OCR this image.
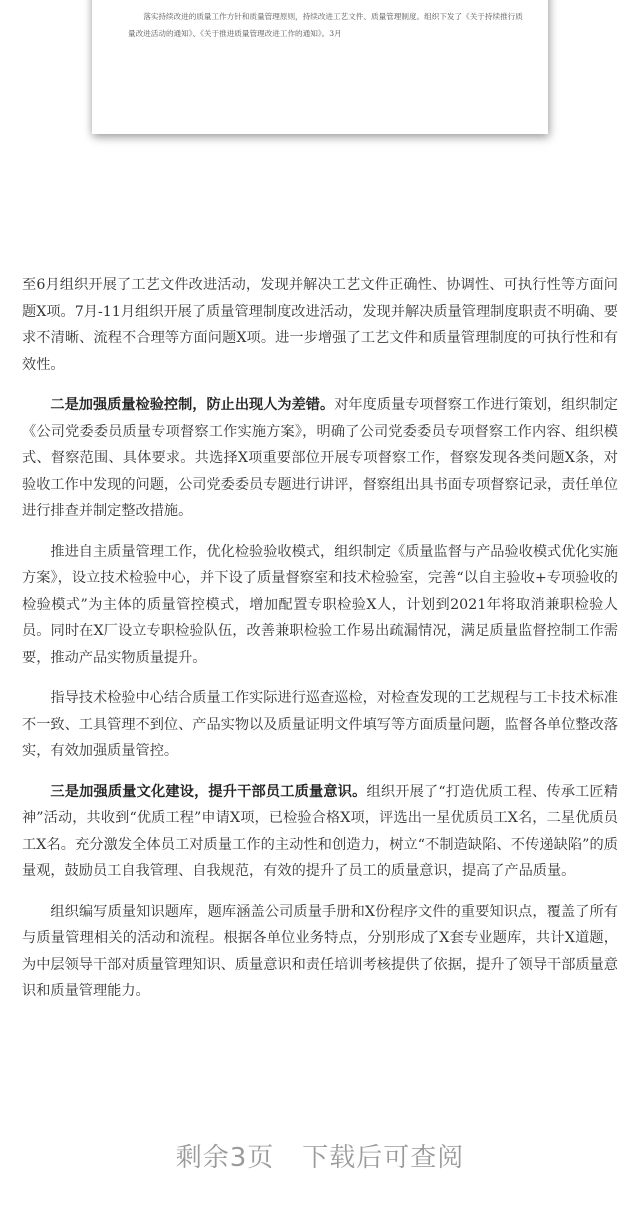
落实持续改进的质量工作方针和质量管理原则，持续改进工艺文件、质量管理制度。组织下发了《关于持续推行质量改进活动的通知》、《关于推进质量管理改进工作的通知》。3月

至6月组织开展了工艺文件改进活动，发现并解决工艺文件正确性、协调性、可执行性等方面问题X项。7月-11月组织开展了质量管理制度改进活动，发现并解决质量管理制度职责不明确、要求不清晰、流程不合理等方面问题X项。进一步增强了工艺文件和质量管理制度的可执行性和有效性。

二是加强质量检验控制，防止出现人为差错。对年度质量专项督察工作进行策划，组织制定《公司党委委员质量专项督察工作实施方案》，明确了公司党委委员专项督察工作内容、组织模式、督察范围、具体要求。共选择X项重要部位开展专项督察工作，督察发现各类问题X条，对验收工作中发现的问题，公司党委委员专题进行讲评，督察组出具书面专项督察记录，责任单位进行排查并制定整改措施。

推进自主质量管理工作，优化检验验收模式，组织制定《质量监督与产品验收模式优化实施方案》，设立技术检验中心，并下设了质量督察室和技术检验室，完善“以自主验收+专项验收的检验模式”为主体的质量管控模式，增加配置专职检验X人，计划到2021年将取消兼职检验人员。同时在X厂设立专职检验队伍，改善兼职检验工作易出疏漏情况，满足质量监督控制工作需要，推动产品实物质量提升。

指导技术检验中心结合质量工作实际进行巡查巡检，对检查发现的工艺规程与工卡技术标准不一致、工具管理不到位、产品实物以及质量证明文件填写等方面质量问题，监督各单位整改落实，有效加强质量管控。

三是加强质量文化建设，提升干部员工质量意识。组织开展了“打造优质工程、传承工匠精神”活动，共收到“优质工程”申请X项，已检验合格X项，评选出一星优质员工X名，二星优质员工X名。充分激发全体员工对质量工作的主动性和创造力，树立“不制造缺陷、不传递缺陷”的质量观，鼓励员工自我管理、自我规范，有效的提升了员工的质量意识，提高了产品质量。

组织编写质量知识题库，题库涵盖公司质量手册和X份程序文件的重要知识点，覆盖了所有与质量管理相关的活动和流程。根据各单位业务特点，分别形成了X套专业题库，共计X道题，为中层领导干部对质量管理知识、质量意识和责任培训考核提供了依据，提升了领导干部质量意识和质量管理能力。

剩余3页 下载后可查阅
